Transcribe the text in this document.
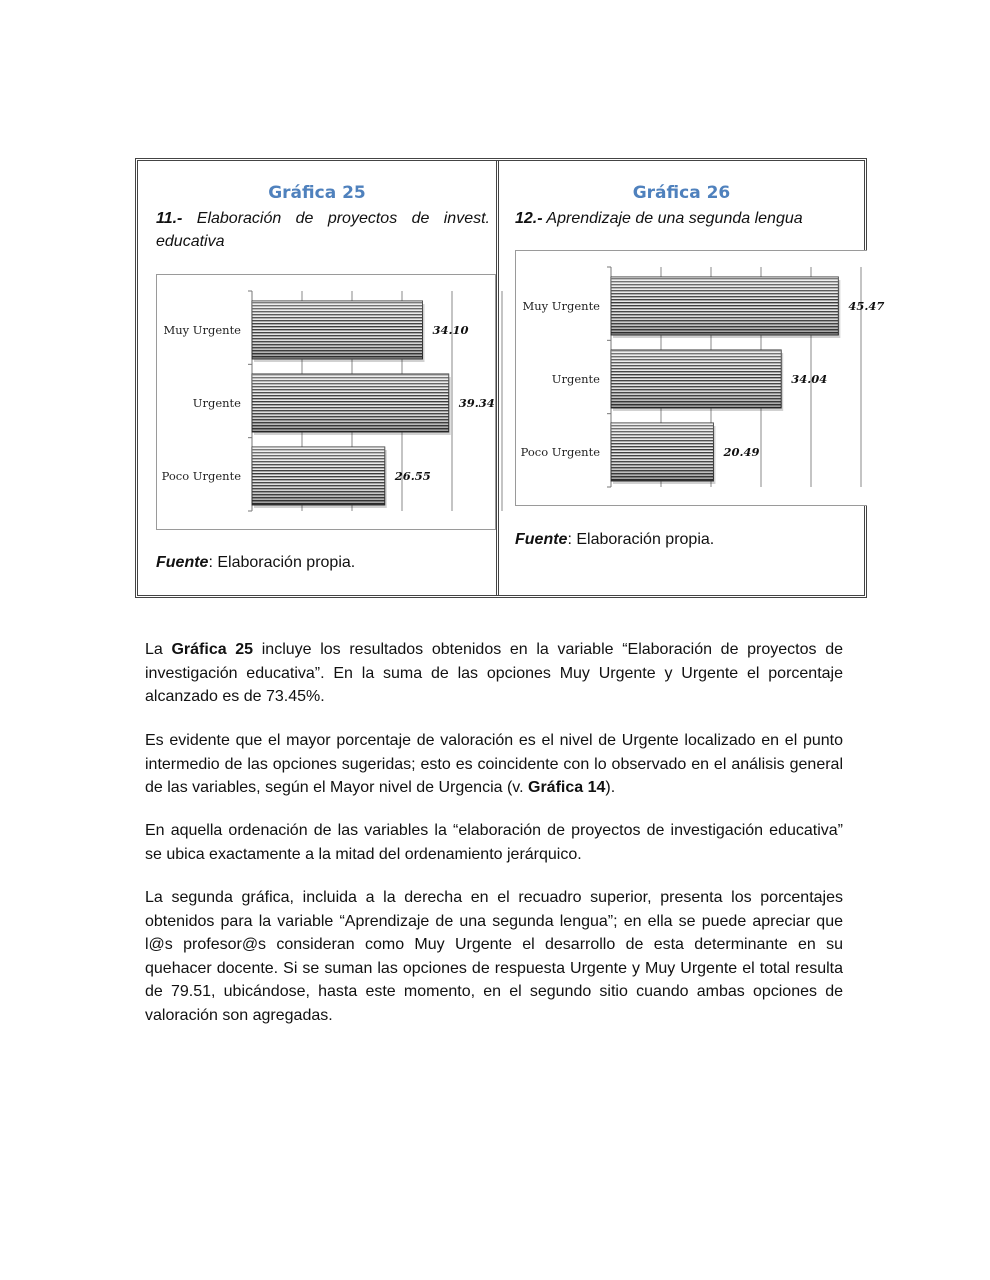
Gráfica 25
11.- Elaboración de proyectos de invest. educativa
Muy Urgente	34.10
Urgente	39.34
Poco Urgente	26.55
Fuente: Elaboración propia.
Gráfica 26
12.- Aprendizaje de una segunda lengua
Muy Urgente	45.47
Urgente	34.04
Poco Urgente	20.49
Fuente: Elaboración propia.

La Gráfica 25 incluye los resultados obtenidos en la variable “Elaboración de proyectos de investigación educativa”. En la suma de las opciones Muy Urgente y Urgente el porcentaje alcanzado es de 73.45%.

Es evidente que el mayor porcentaje de valoración es el nivel de Urgente localizado en el punto intermedio de las opciones sugeridas; esto es coincidente con lo observado en el análisis general de las variables, según el Mayor nivel de Urgencia (v. Gráfica 14).

En aquella ordenación de las variables la “elaboración de proyectos de investigación educativa” se ubica exactamente a la mitad del ordenamiento jerárquico.

La segunda gráfica, incluida a la derecha en el recuadro superior, presenta los porcentajes obtenidos para la variable “Aprendizaje de una segunda lengua”; en ella se puede apreciar que l@s profesor@s consideran como Muy Urgente el desarrollo de esta determinante en su quehacer docente. Si se suman las opciones de respuesta Urgente y Muy Urgente el total resulta de 79.51, ubicándose, hasta este momento, en el segundo sitio cuando ambas opciones de valoración son agregadas.
